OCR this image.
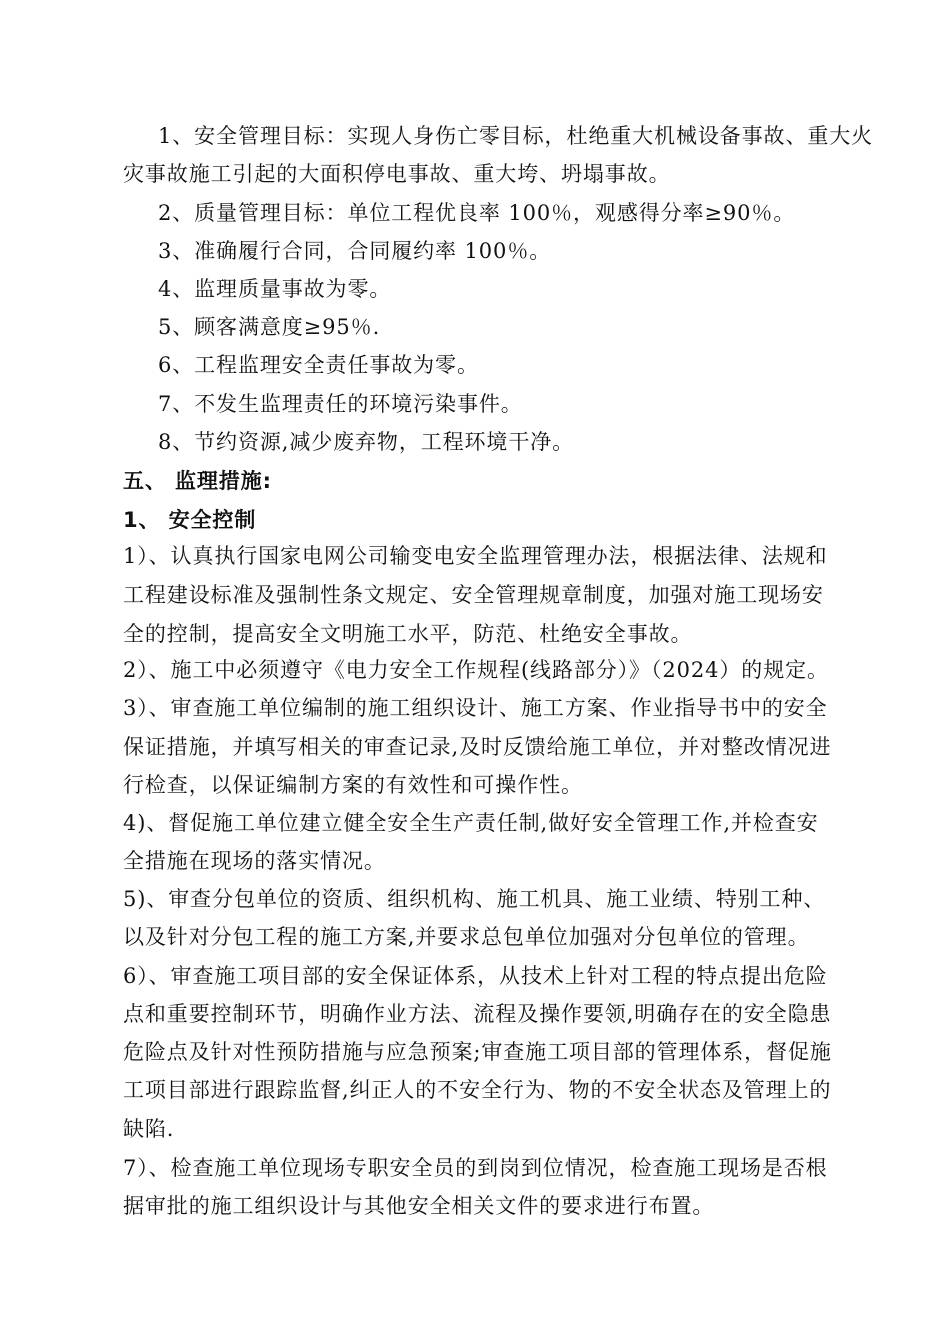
1、安全管理目标：实现人身伤亡零目标，杜绝重大机械设备事故、重大火
灾事故施工引起的大面积停电事故、重大垮、坍塌事故。
2、质量管理目标：单位工程优良率 100％，观感得分率≥90％。
3、准确履行合同，合同履约率 100％。
4、监理质量事故为零。
5、顾客满意度≥95％.
6、工程监理安全责任事故为零。
7、不发生监理责任的环境污染事件。
8、节约资源,减少废弃物，工程环境干净。
五、 监理措施:
1、 安全控制
1）、认真执行国家电网公司输变电安全监理管理办法，根据法律、法规和
工程建设标准及强制性条文规定、安全管理规章制度，加强对施工现场安
全的控制，提高安全文明施工水平，防范、杜绝安全事故。
2）、施工中必须遵守《电力安全工作规程(线路部分）》（2024）的规定。
3）、审查施工单位编制的施工组织设计、施工方案、作业指导书中的安全
保证措施，并填写相关的审查记录,及时反馈给施工单位，并对整改情况进
行检查，以保证编制方案的有效性和可操作性。
4)、督促施工单位建立健全安全生产责任制,做好安全管理工作,并检查安
全措施在现场的落实情况。
5)、审查分包单位的资质、组织机构、施工机具、施工业绩、特别工种、
以及针对分包工程的施工方案,并要求总包单位加强对分包单位的管理。
6）、审查施工项目部的安全保证体系，从技术上针对工程的特点提出危险
点和重要控制环节，明确作业方法、流程及操作要领,明确存在的安全隐患
危险点及针对性预防措施与应急预案;审查施工项目部的管理体系，督促施
工项目部进行跟踪监督,纠正人的不安全行为、物的不安全状态及管理上的
缺陷.
7）、检查施工单位现场专职安全员的到岗到位情况，检查施工现场是否根
据审批的施工组织设计与其他安全相关文件的要求进行布置。
